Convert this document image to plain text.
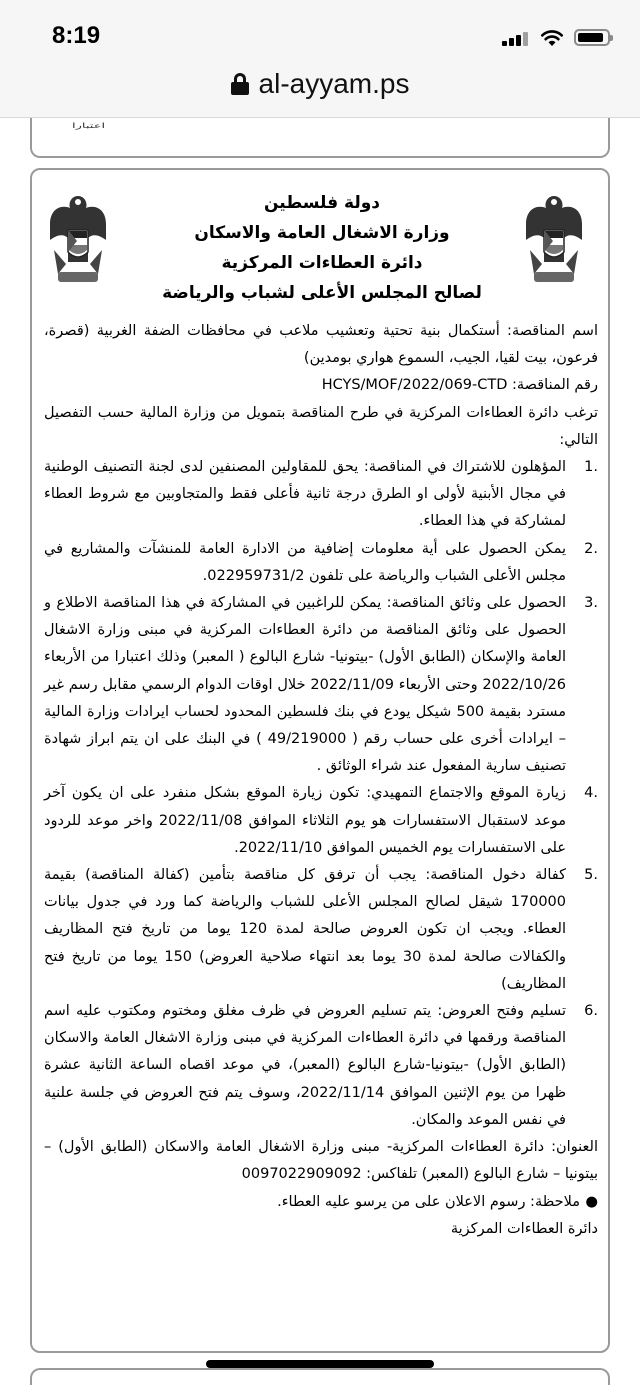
8:19
al-ayyam.ps
اعتبارا
دولة فلسطين
وزارة الاشغال العامة والاسكان
دائرة العطاءات المركزية
لصالح المجلس الأعلى لشباب والرياضة

اسم المناقصة: أستكمال بنية تحتية وتعشيب ملاعب في محافظات الضفة الغربية (قصرة، فرعون، بيت لقيا، الجيب، السموع هواري بومدين)

رقم المناقصة: HCYS/MOF/2022/069-CTD

ترغب دائرة العطاءات المركزية في طرح المناقصة بتمويل من وزارة المالية حسب التفصيل التالي:

.1

المؤهلون للاشتراك في المناقصة: يحق للمقاولين المصنفين لدى لجنة التصنيف الوطنية في مجال الأبنية لأولى او الطرق درجة ثانية فأعلى فقط والمتجاوبين مع شروط العطاء لمشاركة في هذا العطاء.

.2

يمكن الحصول على أية معلومات إضافية من الادارة العامة للمنشآت والمشاريع في مجلس الأعلى الشباب والرياضة على تلفون 022959731/2.

.3

الحصول على وثائق المناقصة: يمكن للراغبين في المشاركة في هذا المناقصة الاطلاع و الحصول على وثائق المناقصة من دائرة العطاءات المركزية في مبنى وزارة الاشغال العامة والإسكان (الطابق الأول) -بيتونيا- شارع البالوع ( المعبر) وذلك اعتبارا من الأربعاء 2022/10/26 وحتى الأربعاء 2022/11/09 خلال اوقات الدوام الرسمي مقابل رسم غير مسترد بقيمة 500 شيكل يودع في بنك فلسطين المحدود لحساب ايرادات وزارة المالية – ايرادات أخرى على حساب رقم ( 49/219000 ) في البنك على ان يتم ابراز شهادة تصنيف سارية المفعول عند شراء الوثائق .

.4

زيارة الموقع والاجتماع التمهيدي: تكون زيارة الموقع بشكل منفرد على ان يكون آخر موعد لاستقبال الاستفسارات هو يوم الثلاثاء الموافق 2022/11/08 واخر موعد للردود على الاستفسارات يوم الخميس الموافق 2022/11/10.

.5

كفالة دخول المناقصة: يجب أن ترفق كل مناقصة بتأمين (كفالة المناقصة) بقيمة 170000 شيقل لصالح المجلس الأعلى للشباب والرياضة كما ورد في جدول بيانات العطاء. ويجب ان تكون العروض صالحة لمدة 120 يوما من تاريخ فتح المظاريف والكفالات صالحة لمدة 30 يوما بعد انتهاء صلاحية العروض) 150 يوما من تاريخ فتح المظاريف)

.6

تسليم وفتح العروض: يتم تسليم العروض في ظرف مغلق ومختوم ومكتوب عليه اسم المناقصة ورقمها في دائرة العطاءات المركزية في مبنى وزارة الاشغال العامة والاسكان (الطابق الأول) -بيتونيا-شارع البالوع (المعبر)، في موعد اقصاه الساعة الثانية عشرة ظهرا من يوم الإثنين الموافق 2022/11/14، وسوف يتم فتح العروض في جلسة علنية في نفس الموعد والمكان.

العنوان: دائرة العطاءات المركزية- مبنى وزارة الاشغال العامة والاسكان (الطابق الأول) – بيتونيا – شارع البالوع (المعبر) تلفاكس: 0097022909092

●

ملاحظة: رسوم الاعلان على من يرسو عليه العطاء.

دائرة العطاءات المركزية
